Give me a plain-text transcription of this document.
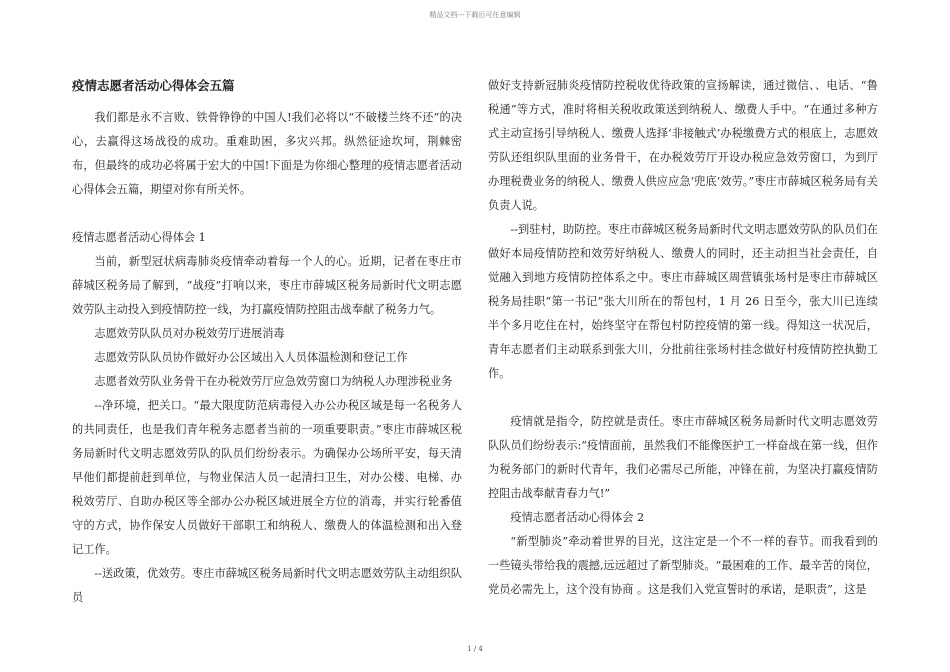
精品文档---下载后可任意编辑

疫情志愿者活动心得体会五篇

我们都是永不言败、铁骨铮铮的中国人!我们必将以“不破楼兰终不还”的决心，去赢得这场战役的成功。重难助困，多灾兴邦。纵然征途坎坷，荆棘密布，但最终的成功必将属于宏大的中国!下面是为你细心整理的疫情志愿者活动心得体会五篇，期望对你有所关怀。

疫情志愿者活动心得体会 1

当前，新型冠状病毒肺炎疫情牵动着每一个人的心。近期，记者在枣庄市薛城区税务局了解到，“战疫”打响以来，枣庄市薛城区税务局新时代文明志愿效劳队主动投入到疫情防控一线，为打赢疫情防控阻击战奉献了税务力气。

志愿效劳队队员对办税效劳厅进展消毒

志愿效劳队队员协作做好办公区域出入人员体温检测和登记工作

志愿者效劳队业务骨干在办税效劳厅应急效劳窗口为纳税人办理涉税业务

--净环境，把关口。“最大限度防范病毒侵入办公办税区域是每一名税务人的共同责任，也是我们青年税务志愿者当前的一项重要职责。”枣庄市薛城区税务局新时代文明志愿效劳队的队员们纷纷表示。为确保办公场所平安，每天清早他们都提前赶到单位，与物业保洁人员一起清扫卫生，对办公楼、电梯、办税效劳厅、自助办税区等全部办公办税区域进展全方位的消毒，并实行轮番值守的方式，协作保安人员做好干部职工和纳税人、缴费人的体温检测和出入登记工作。

--送政策，优效劳。枣庄市薛城区税务局新时代文明志愿效劳队主动组织队员

做好支持新冠肺炎疫情防控税收优待政策的宣扬解读，通过微信、、电话、“鲁税通”等方式，准时将相关税收政策送到纳税人、缴费人手中。“在通过多种方式主动宣扬引导纳税人、缴费人选择‘非接触式’办税缴费方式的根底上，志愿效劳队还组织队里面的业务骨干，在办税效劳厅开设办税应急效劳窗口，为到厅办理税费业务的纳税人、缴费人供应应急‘兜底’效劳。”枣庄市薛城区税务局有关负责人说。

--到驻村，助防控。枣庄市薛城区税务局新时代文明志愿效劳队的队员们在做好本局疫情防控和效劳好纳税人、缴费人的同时，还主动担当社会责任，自觉融入到地方疫情防控体系之中。枣庄市薛城区周营镇张场村是枣庄市薛城区税务局挂职“第一书记”张大川所在的帮包村，1 月 26 日至今，张大川已连续半个多月吃住在村，始终坚守在帮包村防控疫情的第一线。得知这一状况后，青年志愿者们主动联系到张大川，分批前往张场村挂念做好村疫情防控执勤工作。

疫情就是指令，防控就是责任。枣庄市薛城区税务局新时代文明志愿效劳队队员们纷纷表示:“疫情面前，虽然我们不能像医护工一样奋战在第一线，但作为税务部门的新时代青年，我们必需尽己所能，冲锋在前，为坚决打赢疫情防控阻击战奉献青春力气!”

疫情志愿者活动心得体会 2

“新型肺炎”牵动着世界的目光，这注定是一个不一样的春节。而我看到的一些镜头带给我的震撼,远远超过了新型肺炎。“最困难的工作、最辛苦的岗位，党员必需先上，这个没有协商 。这是我们入党宣誓时的承诺，是职责”，这是

1 / 4
